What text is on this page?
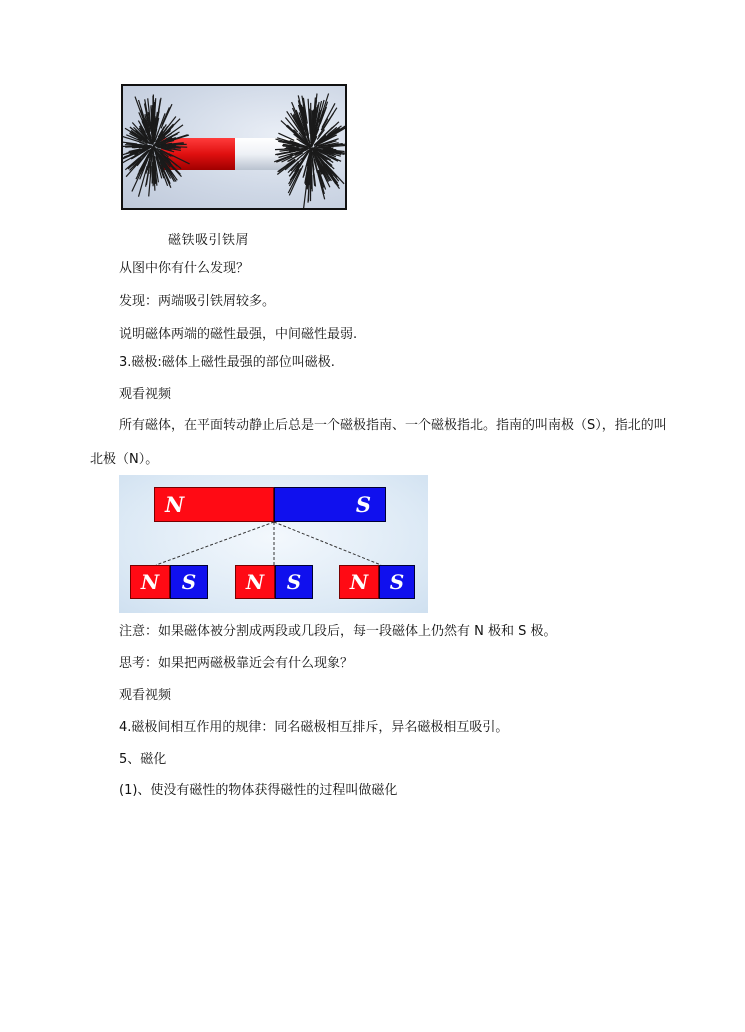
磁铁吸引铁屑
从图中你有什么发现？
发现：两端吸引铁屑较多。
说明磁体两端的磁性最强，中间磁性最弱.
3.磁极:磁体上磁性最强的部位叫磁极.
观看视频
所有磁体，在平面转动静止后总是一个磁极指南、一个磁极指北。指南的叫南极（S），指北的叫北极（N）。
N	S
N S N S N S
注意：如果磁体被分割成两段或几段后，每一段磁体上仍然有 N 极和 S 极。
思考：如果把两磁极靠近会有什么现象？
观看视频
4.磁极间相互作用的规律：同名磁极相互排斥，异名磁极相互吸引。
5、磁化
(1)、使没有磁性的物体获得磁性的过程叫做磁化
